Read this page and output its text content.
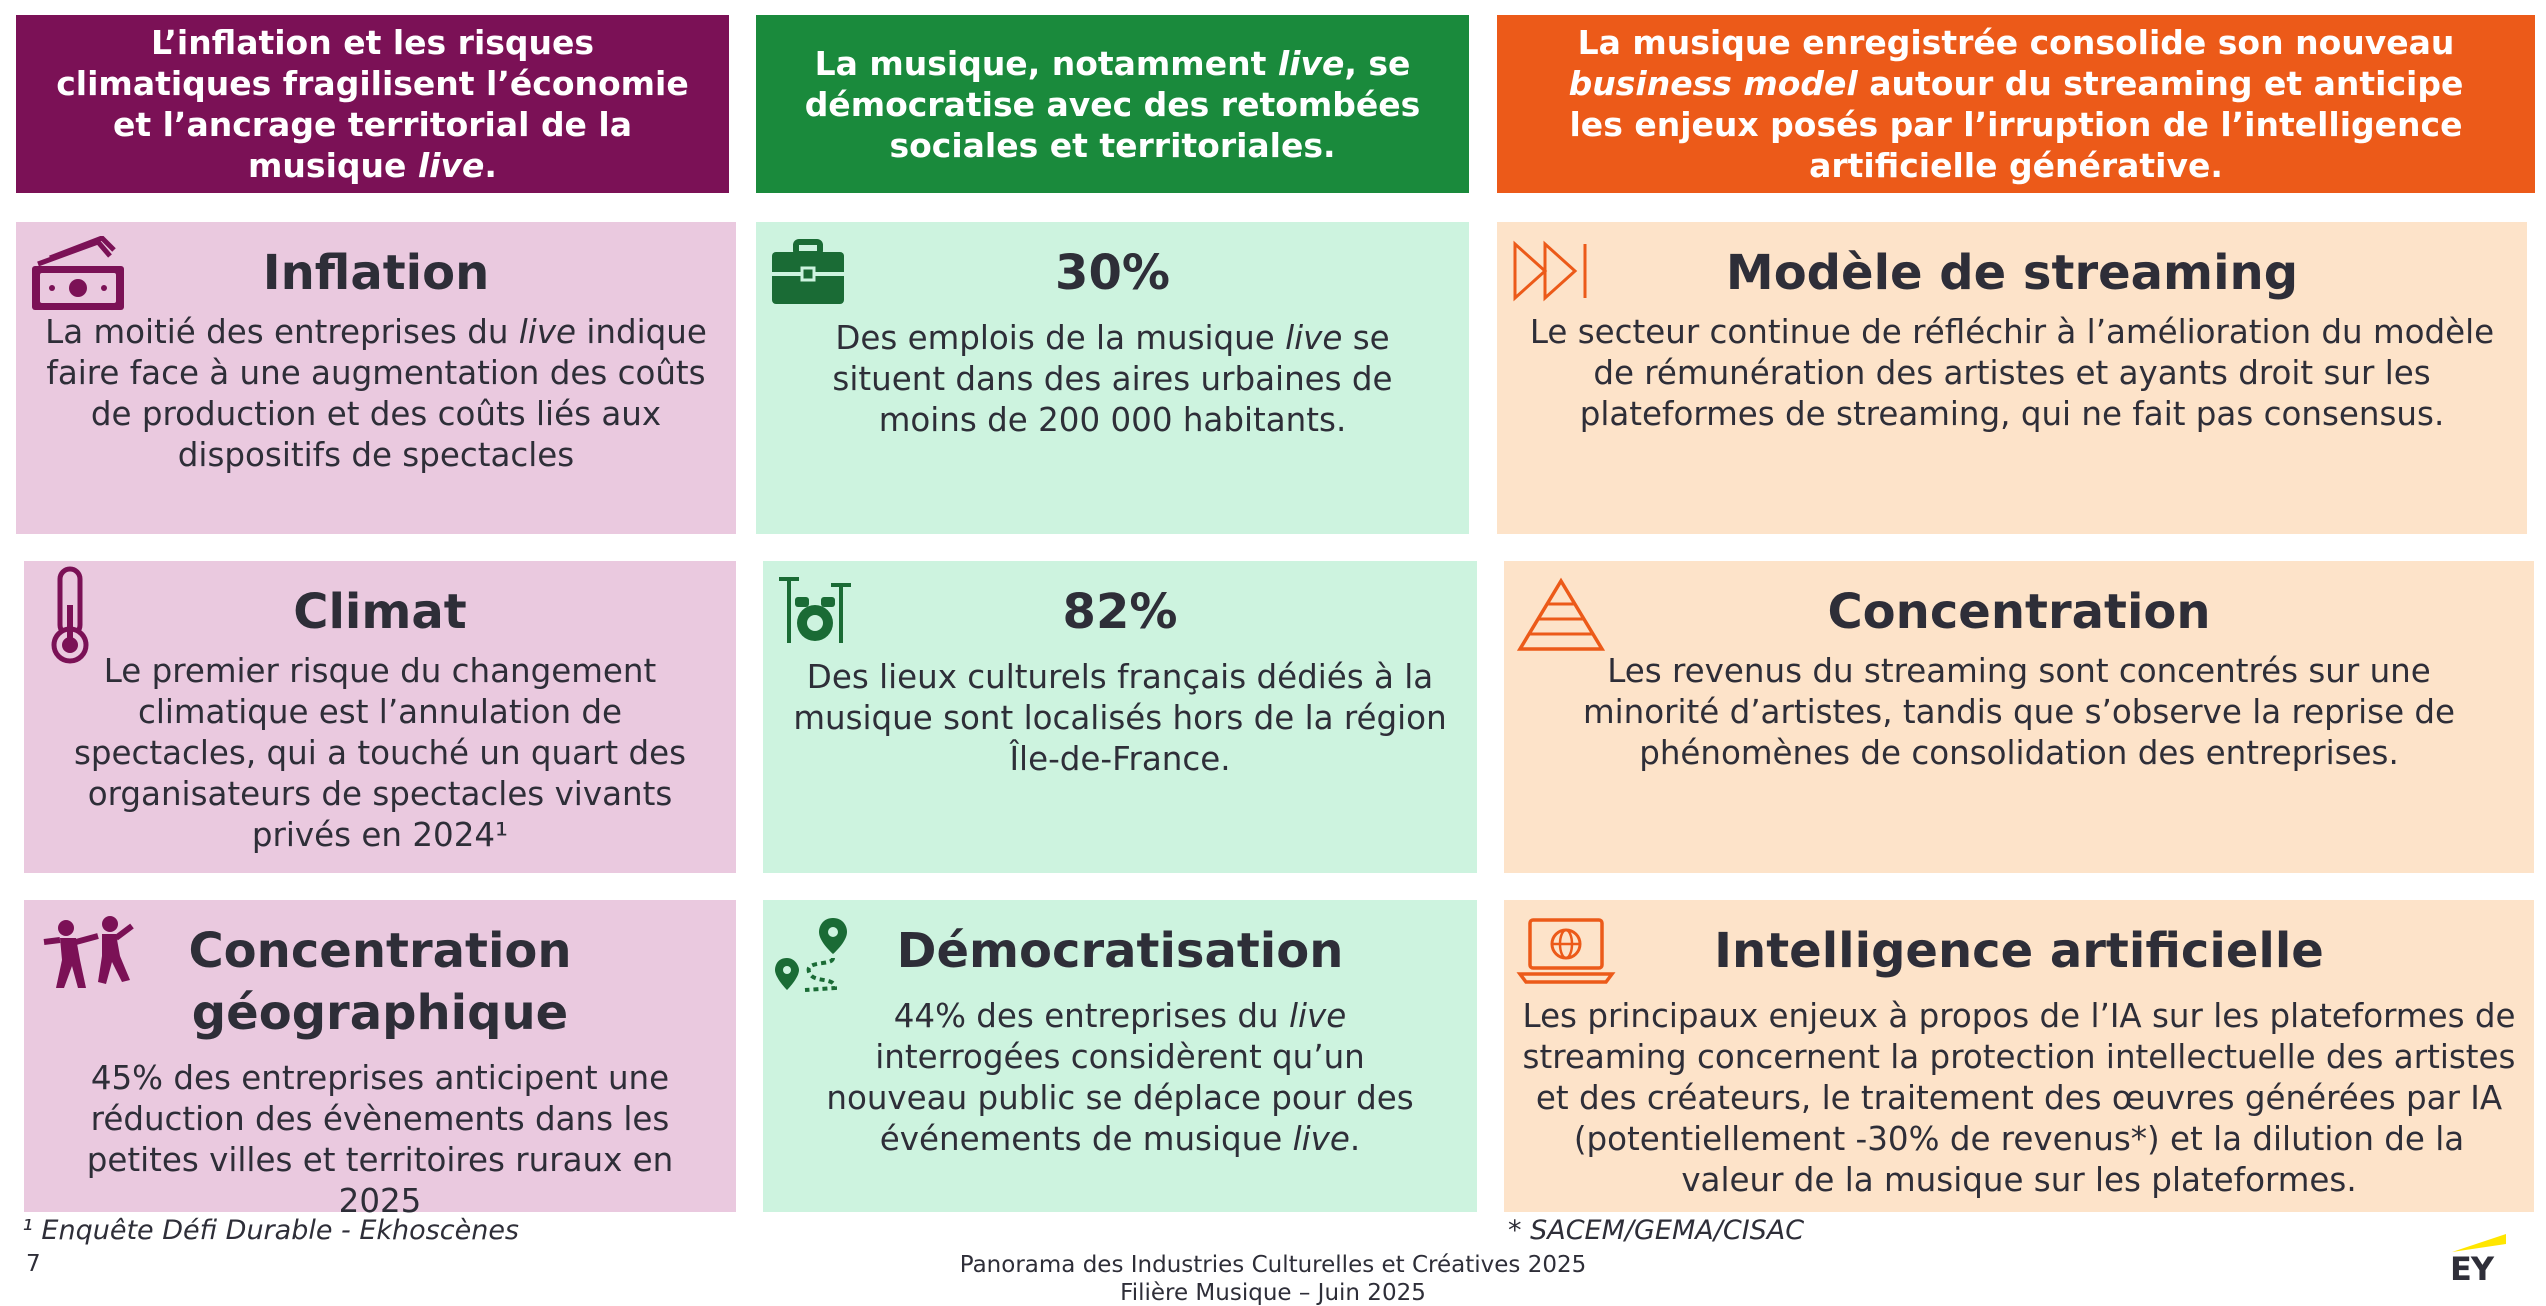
L’inflation et les risques climatiques fragilisent l’économie et l’ancrage territorial de la musique live.
La musique, notamment live, se démocratise avec des retombées sociales et territoriales.
La musique enregistrée consolide son nouveau business model autour du streaming et anticipe les enjeux posés par l’irruption de l’intelligence artificielle générative.
Inflation
La moitié des entreprises du live indique faire face à une augmentation des coûts de production et des coûts liés aux dispositifs de spectacles
30%
Des emplois de la musique live se situent dans des aires urbaines de moins de 200 000 habitants.
Modèle de streaming
Le secteur continue de réfléchir à l’amélioration du modèle de rémunération des artistes et ayants droit sur les plateformes de streaming, qui ne fait pas consensus.
Climat
Le premier risque du changement climatique est l’annulation de spectacles, qui a touché un quart des organisateurs de spectacles vivants privés en 2024¹
82%
Des lieux culturels français dédiés à la musique sont localisés hors de la région Île-de-France.
Concentration
Les revenus du streaming sont concentrés sur une minorité d’artistes, tandis que s’observe la reprise de phénomènes de consolidation des entreprises.
Concentration géographique
45% des entreprises anticipent une réduction des évènements dans les petites villes et territoires ruraux en 2025
Démocratisation
44% des entreprises du live interrogées considèrent qu’un nouveau public se déplace pour des événements de musique live.
Intelligence artificielle
Les principaux enjeux à propos de l’IA sur les plateformes de streaming concernent la protection intellectuelle des artistes et des créateurs, le traitement des œuvres générées par IA (potentiellement -30% de revenus*) et la dilution de la valeur de la musique sur les plateformes.
¹ Enquête Défi Durable - Ekhoscènes	* SACEM/GEMA/CISAC
7	Panorama des Industries Culturelles et Créatives 2025
Filière Musique – Juin 2025
EY
